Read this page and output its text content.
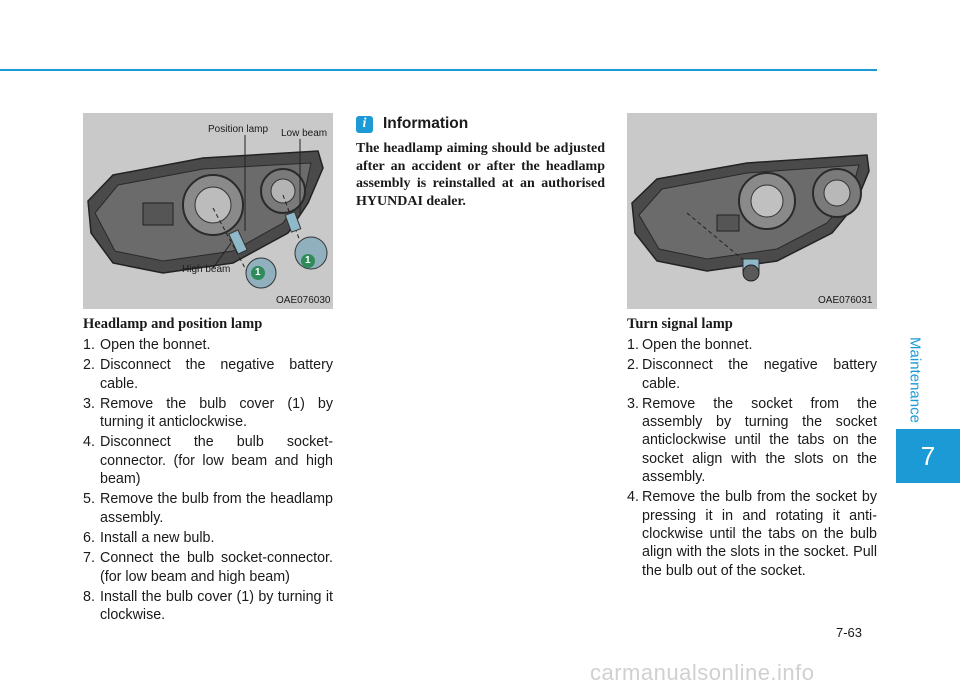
Maintenance
7
Position lamp Low beam
High beam 1
1
OAE076030	OAE076031
Headlamp and position lamp
1. Open the bonnet.
2. Disconnect the negative battery cable.
3. Remove the bulb cover (1) by turning it anticlockwise.
4. Disconnect the bulb socket-connector. (for low beam and high beam)
5. Remove the bulb from the headlamp assembly.
6. Install a new bulb.
7. Connect the bulb socket-connector. (for low beam and high beam)
8. Install the bulb cover (1) by turning it clockwise.
i	Information

The headlamp aiming should be adjusted after an accident or after the headlamp assembly is reinstalled at an authorised HYUNDAI dealer.

Turn signal lamp
1. Open the bonnet.
2. Disconnect the negative battery cable.
3. Remove the socket from the assembly by turning the socket anticlockwise until the tabs on the socket align with the slots on the assembly.
4. Remove the bulb from the socket by pressing it in and rotating it anti-clockwise until the tabs on the bulb align with the slots in the socket. Pull the bulb out of the socket.
7-63
carmanualsonline.info
